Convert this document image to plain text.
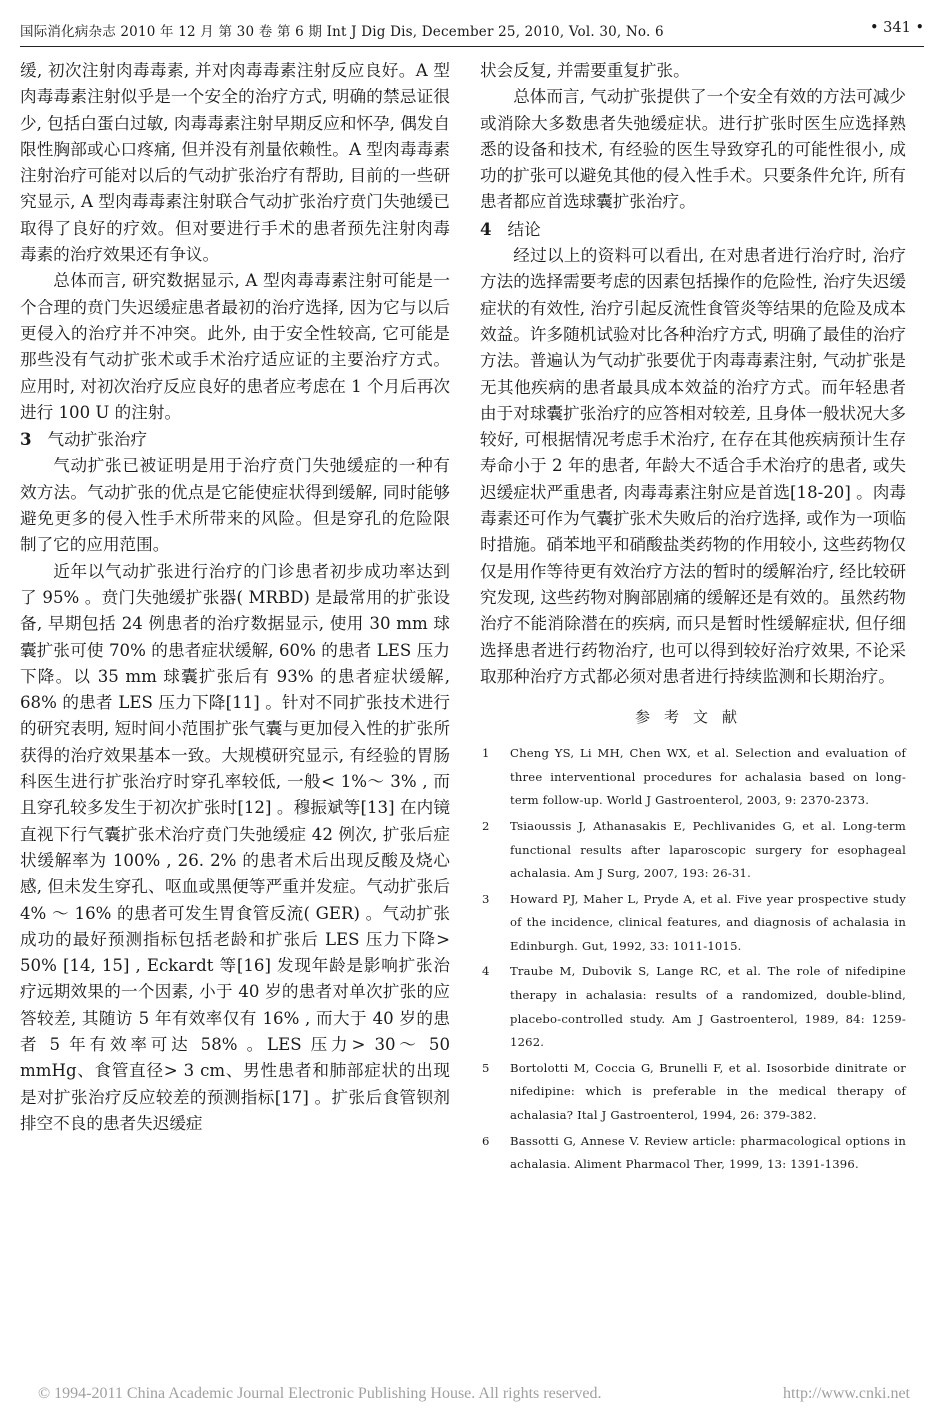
国际消化病杂志 2010 年 12 月 第 30 卷 第 6 期 Int J Dig Dis, December 25, 2010, Vol. 30, No. 6	• 341 •

缓, 初次注射肉毒毒素, 并对肉毒毒素注射反应良好。A 型肉毒毒素注射似乎是一个安全的治疗方式, 明确的禁忌证很少, 包括白蛋白过敏, 肉毒毒素注射早期反应和怀孕, 偶发自限性胸部或心口疼痛, 但并没有剂量依赖性。A 型肉毒毒素注射治疗可能对以后的气动扩张治疗有帮助, 目前的一些研究显示, A 型肉毒毒素注射联合气动扩张治疗贲门失弛缓已取得了良好的疗效。但对要进行手术的患者预先注射肉毒毒素的治疗效果还有争议。

总体而言, 研究数据显示, A 型肉毒毒素注射可能是一个合理的贲门失迟缓症患者最初的治疗选择, 因为它与以后更侵入的治疗并不冲突。此外, 由于安全性较高, 它可能是那些没有气动扩张术或手术治疗适应证的主要治疗方式。应用时, 对初次治疗反应良好的患者应考虑在 1 个月后再次进行 100 U 的注射。

3 气动扩张治疗

气动扩张已被证明是用于治疗贲门失弛缓症的一种有效方法。气动扩张的优点是它能使症状得到缓解, 同时能够避免更多的侵入性手术所带来的风险。但是穿孔的危险限制了它的应用范围。

近年以气动扩张进行治疗的门诊患者初步成功率达到了 95% 。贲门失弛缓扩张器( MRBD) 是最常用的扩张设备, 早期包括 24 例患者的治疗数据显示, 使用 30 mm 球囊扩张可使 70% 的患者症状缓解, 60% 的患者 LES 压力下降。以 35 mm 球囊扩张后有 93% 的患者症状缓解, 68% 的患者 LES 压力下降[11] 。针对不同扩张技术进行的研究表明, 短时间小范围扩张气囊与更加侵入性的扩张所获得的治疗效果基本一致。大规模研究显示, 有经验的胃肠科医生进行扩张治疗时穿孔率较低, 一般< 1%～ 3% , 而且穿孔较多发生于初次扩张时[12] 。穆振斌等[13] 在内镜直视下行气囊扩张术治疗贲门失弛缓症 42 例次, 扩张后症状缓解率为 100% , 26. 2% 的患者术后出现反酸及烧心感, 但未发生穿孔、呕血或黑便等严重并发症。气动扩张后 4% ～ 16% 的患者可发生胃食管反流( GER) 。气动扩张成功的最好预测指标包括老龄和扩张后 LES 压力下降> 50% [14, 15] , Eckardt 等[16] 发现年龄是影响扩张治疗远期效果的一个因素, 小于 40 岁的患者对单次扩张的应答较差, 其随访 5 年有效率仅有 16% , 而大于 40 岁的患者 5 年有效率可达 58% 。LES 压力> 30～ 50 mmHg、食管直径> 3 cm、男性患者和肺部症状的出现是对扩张治疗反应较差的预测指标[17] 。扩张后食管钡剂排空不良的患者失迟缓症

状会反复, 并需要重复扩张。

总体而言, 气动扩张提供了一个安全有效的方法可减少或消除大多数患者失弛缓症状。进行扩张时医生应选择熟悉的设备和技术, 有经验的医生导致穿孔的可能性很小, 成功的扩张可以避免其他的侵入性手术。只要条件允许, 所有患者都应首选球囊扩张治疗。

4 结论

经过以上的资料可以看出, 在对患者进行治疗时, 治疗方法的选择需要考虑的因素包括操作的危险性, 治疗失迟缓症状的有效性, 治疗引起反流性食管炎等结果的危险及成本效益。许多随机试验对比各种治疗方式, 明确了最佳的治疗方法。普遍认为气动扩张要优于肉毒毒素注射, 气动扩张是无其他疾病的患者最具成本效益的治疗方式。而年轻患者由于对球囊扩张治疗的应答相对较差, 且身体一般状况大多较好, 可根据情况考虑手术治疗, 在存在其他疾病预计生存寿命小于 2 年的患者, 年龄大不适合手术治疗的患者, 或失迟缓症状严重患者, 肉毒毒素注射应是首选[18-20] 。肉毒毒素还可作为气囊扩张术失败后的治疗选择, 或作为一项临时措施。硝苯地平和硝酸盐类药物的作用较小, 这些药物仅仅是用作等待更有效治疗方法的暂时的缓解治疗, 经比较研究发现, 这些药物对胸部剧痛的缓解还是有效的。虽然药物治疗不能消除潜在的疾病, 而只是暂时性缓解症状, 但仔细选择患者进行药物治疗, 也可以得到较好治疗效果, 不论采取那种治疗方式都必须对患者进行持续监测和长期治疗。

参考文献
1 Cheng YS, Li MH, Chen WX, et al. Selection and evaluation of three interventional procedures for achalasia based on long-term follow-up. World J Gastroenterol, 2003, 9: 2370-2373.
2 Tsiaoussis J, Athanasakis E, Pechlivanides G, et al. Long-term functional results after laparoscopic surgery for esophageal achalasia. Am J Surg, 2007, 193: 26-31.
3 Howard PJ, Maher L, Pryde A, et al. Five year prospective study of the incidence, clinical features, and diagnosis of achalasia in Edinburgh. Gut, 1992, 33: 1011-1015.
4 Traube M, Dubovik S, Lange RC, et al. The role of nifedipine therapy in achalasia: results of a randomized, double-blind, placebo-controlled study. Am J Gastroenterol, 1989, 84: 1259-1262.
5 Bortolotti M, Coccia G, Brunelli F, et al. Isosorbide dinitrate or nifedipine: which is preferable in the medical therapy of achalasia? Ital J Gastroenterol, 1994, 26: 379-382.
6 Bassotti G, Annese V. Review article: pharmacological options in achalasia. Aliment Pharmacol Ther, 1999, 13: 1391-1396.
© 1994-2011 China Academic Journal Electronic Publishing House. All rights reserved.	http://www.cnki.net
